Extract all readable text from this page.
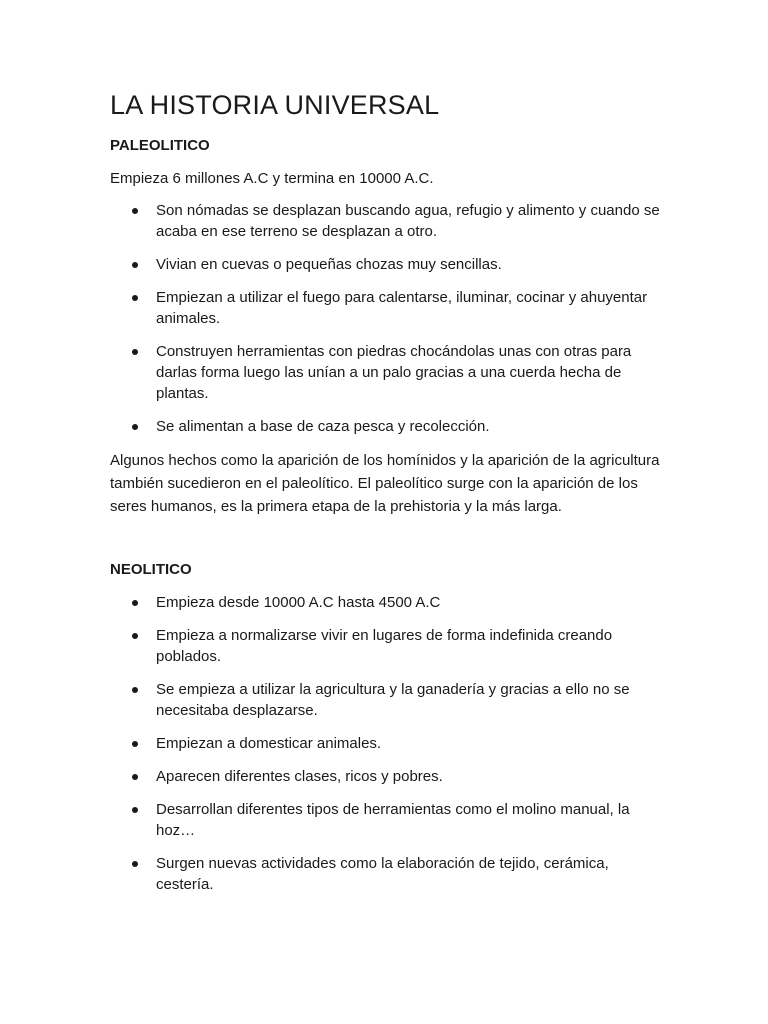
LA HISTORIA UNIVERSAL
PALEOLITICO

Empieza 6 millones A.C y termina en 10000 A.C.

Son nómadas se desplazan buscando agua, refugio y alimento y cuando se acaba en ese terreno se desplazan a otro.
Vivian en cuevas o pequeñas chozas muy sencillas.
Empiezan a utilizar el fuego para calentarse, iluminar, cocinar y ahuyentar animales.
Construyen herramientas con piedras chocándolas unas con otras para darlas forma luego las unían a un palo gracias a una cuerda hecha de plantas.
Se alimentan a base de caza pesca y recolección.

Algunos hechos como la aparición de los homínidos y la aparición de la agricultura también sucedieron en el paleolítico. El paleolítico surge con la aparición de los seres humanos, es la primera etapa de la prehistoria y la más larga.

NEOLITICO
Empieza desde 10000 A.C hasta 4500 A.C
Empieza a normalizarse vivir en lugares de forma indefinida creando poblados.
Se empieza a utilizar la agricultura y la ganadería y gracias a ello no se necesitaba desplazarse.
Empiezan a domesticar animales.
Aparecen diferentes clases, ricos y pobres.
Desarrollan diferentes tipos de herramientas como el molino manual, la hoz…
Surgen nuevas actividades como la elaboración de tejido, cerámica, cestería.
